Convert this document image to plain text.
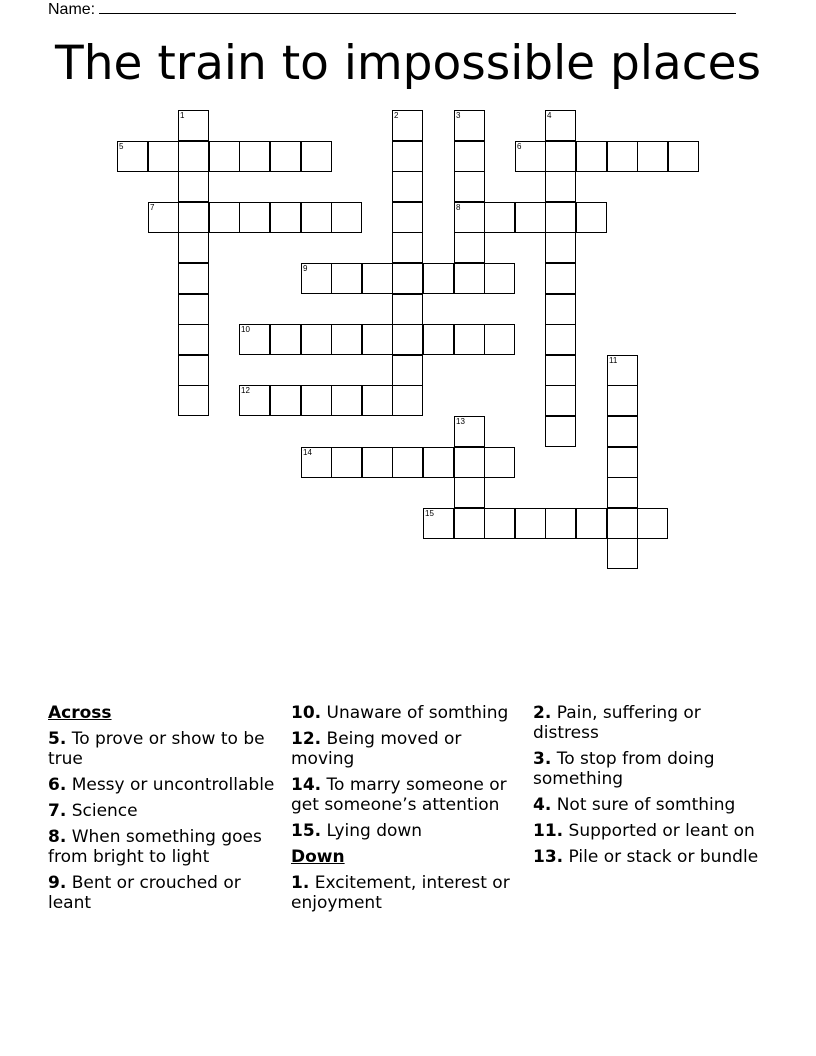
Name:
The train to impossible places
1	2	3
8
4
5	6
7
9
10
11
12
13
14
15
Across
5. To prove or show to be true
6. Messy or uncontrollable
7. Science
8. When something goes from bright to light
9. Bent or crouched or leant
10. Unaware of somthing
12. Being moved or moving
14. To marry someone or get someone’s attention
15. Lying down
Down
1. Excitement, interest or enjoyment
2. Pain, suffering or distress
3. To stop from doing something
4. Not sure of somthing
11. Supported or leant on
13. Pile or stack or bundle
